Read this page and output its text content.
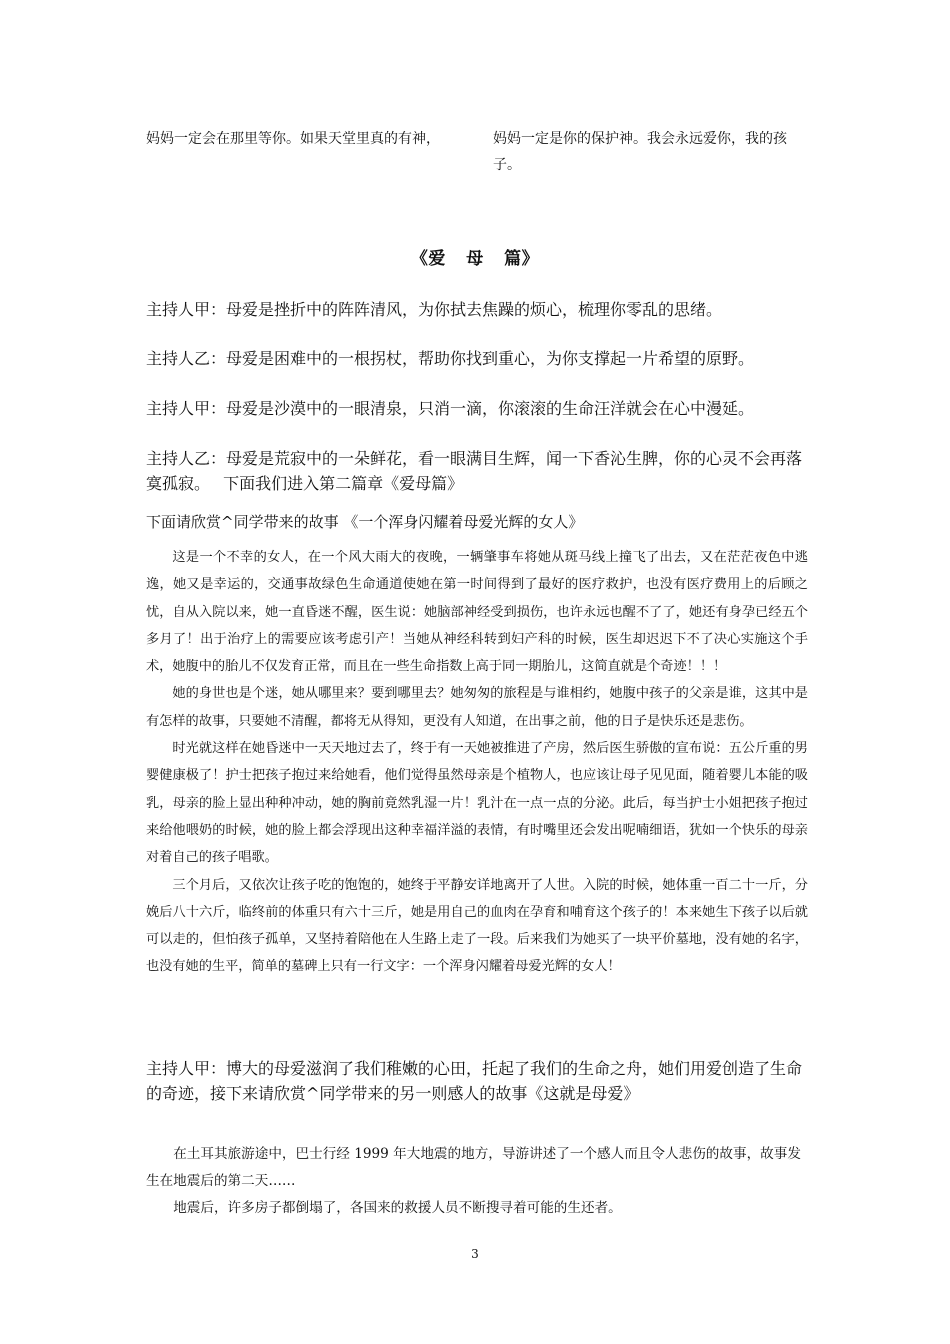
妈妈一定会在那里等你。如果天堂里真的有神，	妈妈一定是你的保护神。我会永远爱你，我的孩子。
《爱 母 篇》
主持人甲：母爱是挫折中的阵阵清风，为你拭去焦躁的烦心，梳理你零乱的思绪。
主持人乙：母爱是困难中的一根拐杖，帮助你找到重心，为你支撑起一片希望的原野。
主持人甲：母爱是沙漠中的一眼清泉，只消一滴，你滚滚的生命汪洋就会在心中漫延。
主持人乙：母爱是荒寂中的一朵鲜花，看一眼满目生辉，闻一下香沁生脾，你的心灵不会再落寞孤寂。　 下面我们进入第二篇章《爱母篇》
下面请欣赏^同学带来的故事 《一个浑身闪耀着母爱光辉的女人》

这是一个不幸的女人，在一个风大雨大的夜晚，一辆肇事车将她从斑马线上撞飞了出去，又在茫茫夜色中逃逸，她又是幸运的，交通事故绿色生命通道使她在第一时间得到了最好的医疗救护，也没有医疗费用上的后顾之忧，自从入院以来，她一直昏迷不醒，医生说：她脑部神经受到损伤，也许永远也醒不了了，她还有身孕已经五个多月了！出于治疗上的需要应该考虑引产！当她从神经科转到妇产科的时候，医生却迟迟下不了决心实施这个手术，她腹中的胎儿不仅发育正常，而且在一些生命指数上高于同一期胎儿，这简直就是个奇迹！！！

她的身世也是个迷，她从哪里来？要到哪里去？她匆匆的旅程是与谁相约，她腹中孩子的父亲是谁，这其中是有怎样的故事，只要她不清醒，都将无从得知，更没有人知道，在出事之前，他的日子是快乐还是悲伤。

时光就这样在她昏迷中一天天地过去了，终于有一天她被推进了产房，然后医生骄傲的宣布说：五公斤重的男婴健康极了！护士把孩子抱过来给她看，他们觉得虽然母亲是个植物人，也应该让母子见见面，随着婴儿本能的吸乳，母亲的脸上显出种种冲动，她的胸前竟然乳湿一片！乳汁在一点一点的分泌。此后，每当护士小姐把孩子抱过来给他喂奶的时候，她的脸上都会浮现出这种幸福洋溢的表情，有时嘴里还会发出呢喃细语，犹如一个快乐的母亲对着自己的孩子唱歌。

三个月后，又依次让孩子吃的饱饱的，她终于平静安详地离开了人世。入院的时候，她体重一百二十一斤，分娩后八十六斤，临终前的体重只有六十三斤，她是用自己的血肉在孕育和哺育这个孩子的！本来她生下孩子以后就可以走的，但怕孩子孤单，又坚持着陪他在人生路上走了一段。后来我们为她买了一块平价墓地，没有她的名字，也没有她的生平，简单的墓碑上只有一行文字：一个浑身闪耀着母爱光辉的女人！

主持人甲：博大的母爱滋润了我们稚嫩的心田，托起了我们的生命之舟，她们用爱创造了生命的奇迹，接下来请欣赏^同学带来的另一则感人的故事《这就是母爱》

在土耳其旅游途中，巴士行经 1999 年大地震的地方，导游讲述了一个感人而且令人悲伤的故事，故事发生在地震后的第二天……

地震后，许多房子都倒塌了，各国来的救援人员不断搜寻着可能的生还者。

3
